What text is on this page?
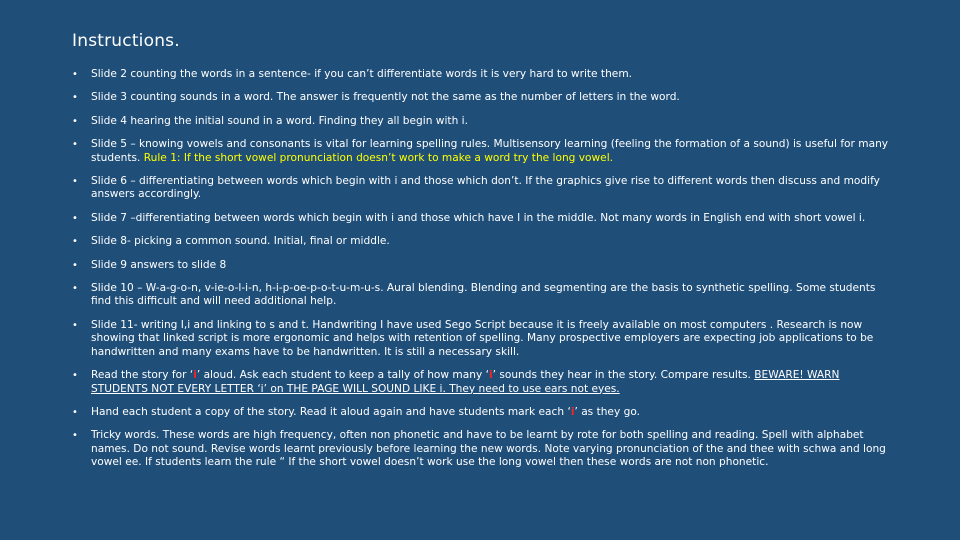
Instructions.
• Slide 2 counting the words in a sentence- if you can’t differentiate words it is very hard to write them.
• Slide 3 counting sounds in a word. The answer is frequently not the same as the number of letters in the word.
• Slide 4 hearing the initial sound in a word. Finding they all begin with i.
• Slide 5 – knowing vowels and consonants is vital for learning spelling rules. Multisensory learning (feeling the formation of a sound) is useful for many students. Rule 1: If the short vowel pronunciation doesn’t work to make a word try the long vowel.
• Slide 6 – differentiating between words which begin with i and those which don’t. If the graphics give rise to different words then discuss and modify answers accordingly.
• Slide 7 –differentiating between words which begin with i and those which have I in the middle. Not many words in English end with short vowel i.
• Slide 8- picking a common sound. Initial, final or middle.
• Slide 9 answers to slide 8
• Slide 10 – W-a-g-o-n, v-ie-o-l-i-n, h-i-p-oe-p-o-t-u-m-u-s. Aural blending. Blending and segmenting are the basis to synthetic spelling. Some students find this difficult and will need additional help.
• Slide 11- writing I,i and linking to s and t. Handwriting I have used Sego Script because it is freely available on most computers . Research is now showing that linked script is more ergonomic and helps with retention of spelling. Many prospective employers are expecting job applications to be handwritten and many exams have to be handwritten. It is still a necessary skill.
• Read the story for ‘i’ aloud. Ask each student to keep a tally of how many ‘i’ sounds they hear in the story. Compare results. BEWARE! WARN STUDENTS NOT EVERY LETTER ‘i’ on THE PAGE WILL SOUND LIKE i. They need to use ears not eyes.
• Hand each student a copy of the story. Read it aloud again and have students mark each ‘i’ as they go.
• Tricky words. These words are high frequency, often non phonetic and have to be learnt by rote for both spelling and reading. Spell with alphabet names. Do not sound. Revise words learnt previously before learning the new words. Note varying pronunciation of the and thee with schwa and long vowel ee. If students learn the rule “ If the short vowel doesn’t work use the long vowel then these words are not non phonetic.
